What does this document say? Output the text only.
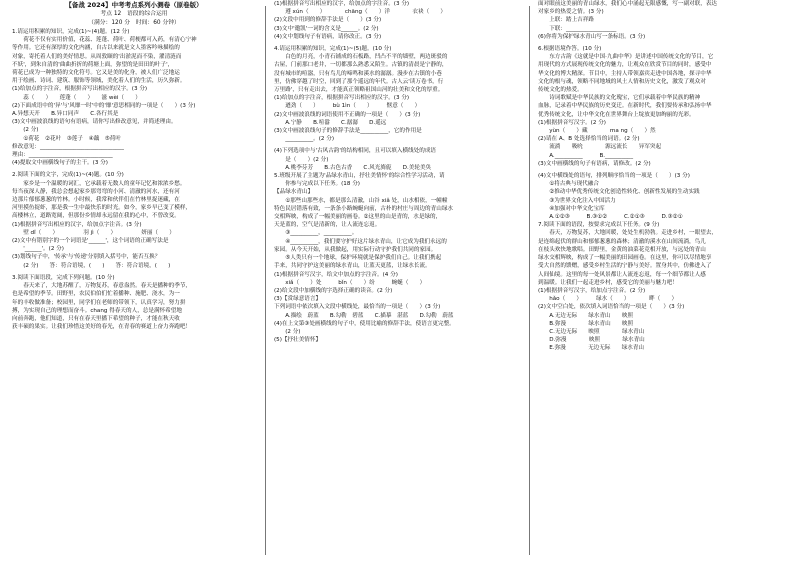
【备战 2024】中考考点系列小测卷（原卷版）
考点 12　语段的综合运用
（满分：120 分　时间：60 分钟）
1.请运用积累的知识，完成(1)~(4)题。(12 分)
　　荷花不仅有实用价值，花蕊、莲蓬、荷叶、荷梗都可入药，有清心宁神
等作用。它还有深厚的文化内涵，自古以来就是文人墨客吟咏描绘的
对象，寄托着人们的美好情思。从周敦颐的'出淤泥而不染，濯清涟而
不妖'，到朱自清的'曲曲折折的荷塘上面，弥望的是田田的叶子'，
荷花已成为一种独特的文化符号。它又是美的化身，被人们广泛地运
用于绘画、诗词、建筑、服饰等领域，美化着人们的生活，历久弥新。
(1)给加点的字注音，根据拼音写出相应的汉字。(3 分)
　　蕊（　　）　　莲蓬（　　）　　滋 wèi（　　）
(2)下面成语中的'异'与'风靡一时'中的'靡'意思相同的一项是（　　）(3 分)
A.异想天开　　B.异口同声　　C.各行其是
(3)文中画波浪线的语句有语病，请你写出修改意见，并简述理由。
　　(2 分)
　　①荷花　②花叶　③莲子　④藕　⑤荷叶
修改意见：______________________________
理由：______________________________
(4)提取文中画横线句子的主干。(3 分)

2.阅读下面的文字，完成(1)~(4)题。(10 分)
　　家乡是一个温暖的词汇，它承载着无数人的童年记忆和浓浓乡愁。
每当夜深人静，我总会想起家乡那弯弯的小河、清澈的河水，还有河
边那片郁郁葱葱的竹林。小时候，我常和伙伴们在竹林里捉迷藏，在
河里摸鱼捉虾，那是我一生中最快乐的时光。如今，家乡早已变了模样，
高楼林立，道路宽阔，但那份乡情却永远留在我的心中，不曾改变。
(1)根据拼音写出相应的汉字，给加点字注音。(3 分)
　　壁 dǐ（　　）　　　　　羽 jì（　　）　　　　　妍丽（　　）
(2)文中有错别字的一个词语是'______'，这个词语的正确写法是
　　'______'。(2 分)
(3)划线句子中，'传承'与'传递'分别填入括号中，能否互换？
　　(2 分)　　答：符合语境，(　　)　　答：符合语境，(　　)

3.阅读下面语段，完成下列问题。(10 分)
　　春天来了，大地苏醒了，万物复苏，春意盎然。春天是播种的季节，
也是希望的季节。田野里，农民伯伯们忙着播种、施肥、浇水，为一
年的丰收做准备；校园里，同学们在老师的带领下，认真学习，努力拼
搏，为实现自己的理想而奋斗。chang 得春天的人，总是满怀希望地
向前奔跑，他们知道，只有在春天里播下希望的种子，才能在秋天收
获丰硕的果实。让我们珍惜这美好的春光，在青春的赛道上奋力奔跑吧！
(1)根据拼音写出相应的汉字，给加点的字注音。(3 分)
　　遵 xún（　　）　　　　chāng（　　）洋　　　　衣袂（　　）
(2)文段中用到的修辞手法是（　　）(3 分)
(3)文中'邀凯'一词的含义是______。(2 分)
(4)文中划线句子有语病，请你改正。(3 分)

4.请运用积累的知识，完成(1)~(5)题。(10 分)
　　白色的月亮，小青石铺成的石板路，凹凸不平的墙壁，两边斑驳的
古屋，门前那口老井，一切都那么熟悉又陌生。古镇的清晨是宁静的，
没有城市的喧嚣，只有鸟儿的啼鸣和溪水的潺潺。漫步在古镇的小巷
里，仿佛穿越了时空，回到了那个遥远的年代。古人云'读万卷书，行
万里路'，只有走出去，才能真正领略祖国山河的壮美和文化的厚重。
(1)给加点的字注音，根据拼音写出相应的汉字。(3 分)
　　遒劲（　　）　　　bù 1ìn（　　）　　　惬意（　　）
(2)文中画波浪线的词语使用不正确的一项是（　　）(3 分)
　　A.宁静　　B.喧嚣　　C.潺潺　　D.遥远
(3)文中画波浪线句子的修辞手法是__________，它的作用是
　　__________。(2 分)

(4)下列选项中与'古风古韵'的结构相同，且可以填入横线处的成语
　　是（　　）(2 分)
　　A.桃李芬芳　　B.古色古香　　C.风光旖旎　　D.美轮美奂
5.班级开展了主题为'品绿水青山，抒壮美情怀'的综合性学习活动，请
　　你参与完成以下任务。(18 分)
【品绿水青山】
　　①那些山那些水，都是那么清澈，山谷 xiǎ 处，山水相依，一幢幢
特色民居错落有致，一条条小路蜿蜒向前，古朴的村庄与周边的青山绿水
交相辉映，构成了一幅美丽的画卷。②这里的山是青的，水是绿的，
天是蓝的，空气是清新的，让人流连忘返。
　　③__________，__________。
　　④__________，我们要守护好这片绿水青山，让它成为我们永远的
家园。从今天开始，从我做起，用实际行动守护我们共同的家园。
　　⑤人类只有一个地球，保护环境就是保护我们自己。让我们携起
手来，共同守护这美丽的绿水青山，让蓝天更蓝，让绿水长流。
(1)根据拼音写汉字，给文中加点的字注音。(4 分)
　　xiǎ（　　）处　　　bǐn（　　）纷　　　蜿蜒（　　）
(2)给文段中加横线的字选择正确的读音。(2 分)
(3)【赏绿意语言】
下列词语中依次填入文段中横线处，最恰当的一项是（　　）(3 分)
　　A.描绘　蔚蓝　　B.勾勒　碧蓝　　C.描摹　湛蓝　　D.勾勒　蔚蓝
(4)在上文第③处画横线的句子中，使用比喻的修辞手法，使语言更完整。
　　(2 分)
(5)【抒壮美情怀】
面对眼前这美丽的青山绿水，我们心中涌起无限感慨，写一副对联，表达
对家乡的热爱之情。(3 分)
　　上联：踏上吉祥路
　　下联：__________________
(6)你将为保护绿水青山写一条标语。(3 分)

6.根据语境作答。(10 分)
　　东方古韵《这就是中国·九曲中华》是讲述中国传统文化的节目，它
用现代的方式展现传统文化的魅力，让观众在欣赏节目的同时，感受中
华文化的博大精深。节目中，主持人带领嘉宾走进中国各地，探寻中华
文化的根与魂，领略不同地域的风土人情和历史文化，激发了观众对
传统文化的热爱。
　　诗词歌赋是中华民族的文化瑰宝，它们承载着中华民族的精神
血脉，记录着中华民族的历史变迁。在新时代，我们要传承和弘扬中华
优秀传统文化，让中华文化在世界舞台上绽放更加绚丽的光彩。
(1)根据拼音写汉字。(2 分)
　　yùn（　　）藏　　　　ma ng（　　）然
(2)请在 A、B 处选择恰当的词语。(2 分)
　　流淌　　吸吮　　　　源远流长　　异军突起
　　A.__________　　　B.__________
(3)文中画横线的句子有语病，请修改。(2 分)

(4)文中横线处的语句，排列顺序恰当的一项是（　　）(3 分)
　　①将古典与现代融合
　　②推动中华优秀传统文化创造性转化、创新性发展的生动实践
　　③为世界文化注入中国活力
　　④加强对中华文化宝库
　　A.①②③　　　B.③①②　　　C.②①③　　　D.③②①
7.阅读下面的语段，按要求完成以下任务。(9 分)
　　春天，万物复苏，大地回暖，处处生机勃勃。走进乡村，一眼望去，
是连绵起伏的群山和郁郁葱葱的森林；清澈的溪水在山间流淌，鸟儿
在枝头欢快地歌唱。田野里，金黄的油菜花竞相开放，与远处的青山
绿水交相辉映，构成了一幅美丽的田园画卷。在这里，你可以尽情地享
受大自然的馈赠，感受乡村生活的宁静与美好。置身其中，仿佛进入了
人间仙境。这里的每一处风景都让人流连忘返，每一个细节都让人感
到温暖。让我们一起走进乡村，感受它的美丽与魅力吧！
(1)根据拼音写汉字，给加点字注音。(2 分)
　　hǎo（　　）　　　绿水（　　）　　　　畔（　　）
(2)文中空白处，依次填入词语恰当的一项是（　　）(3 分)
　　A.无边无际　　绿水青山　　映照
　　B.弥漫　　　　绿水青山　　映照
　　C.无边无际　　映照　　　　绿水青山
　　D.弥漫　　　　映照　　　　绿水青山
　　E.弥漫　　　　无边无际　　绿水青山
